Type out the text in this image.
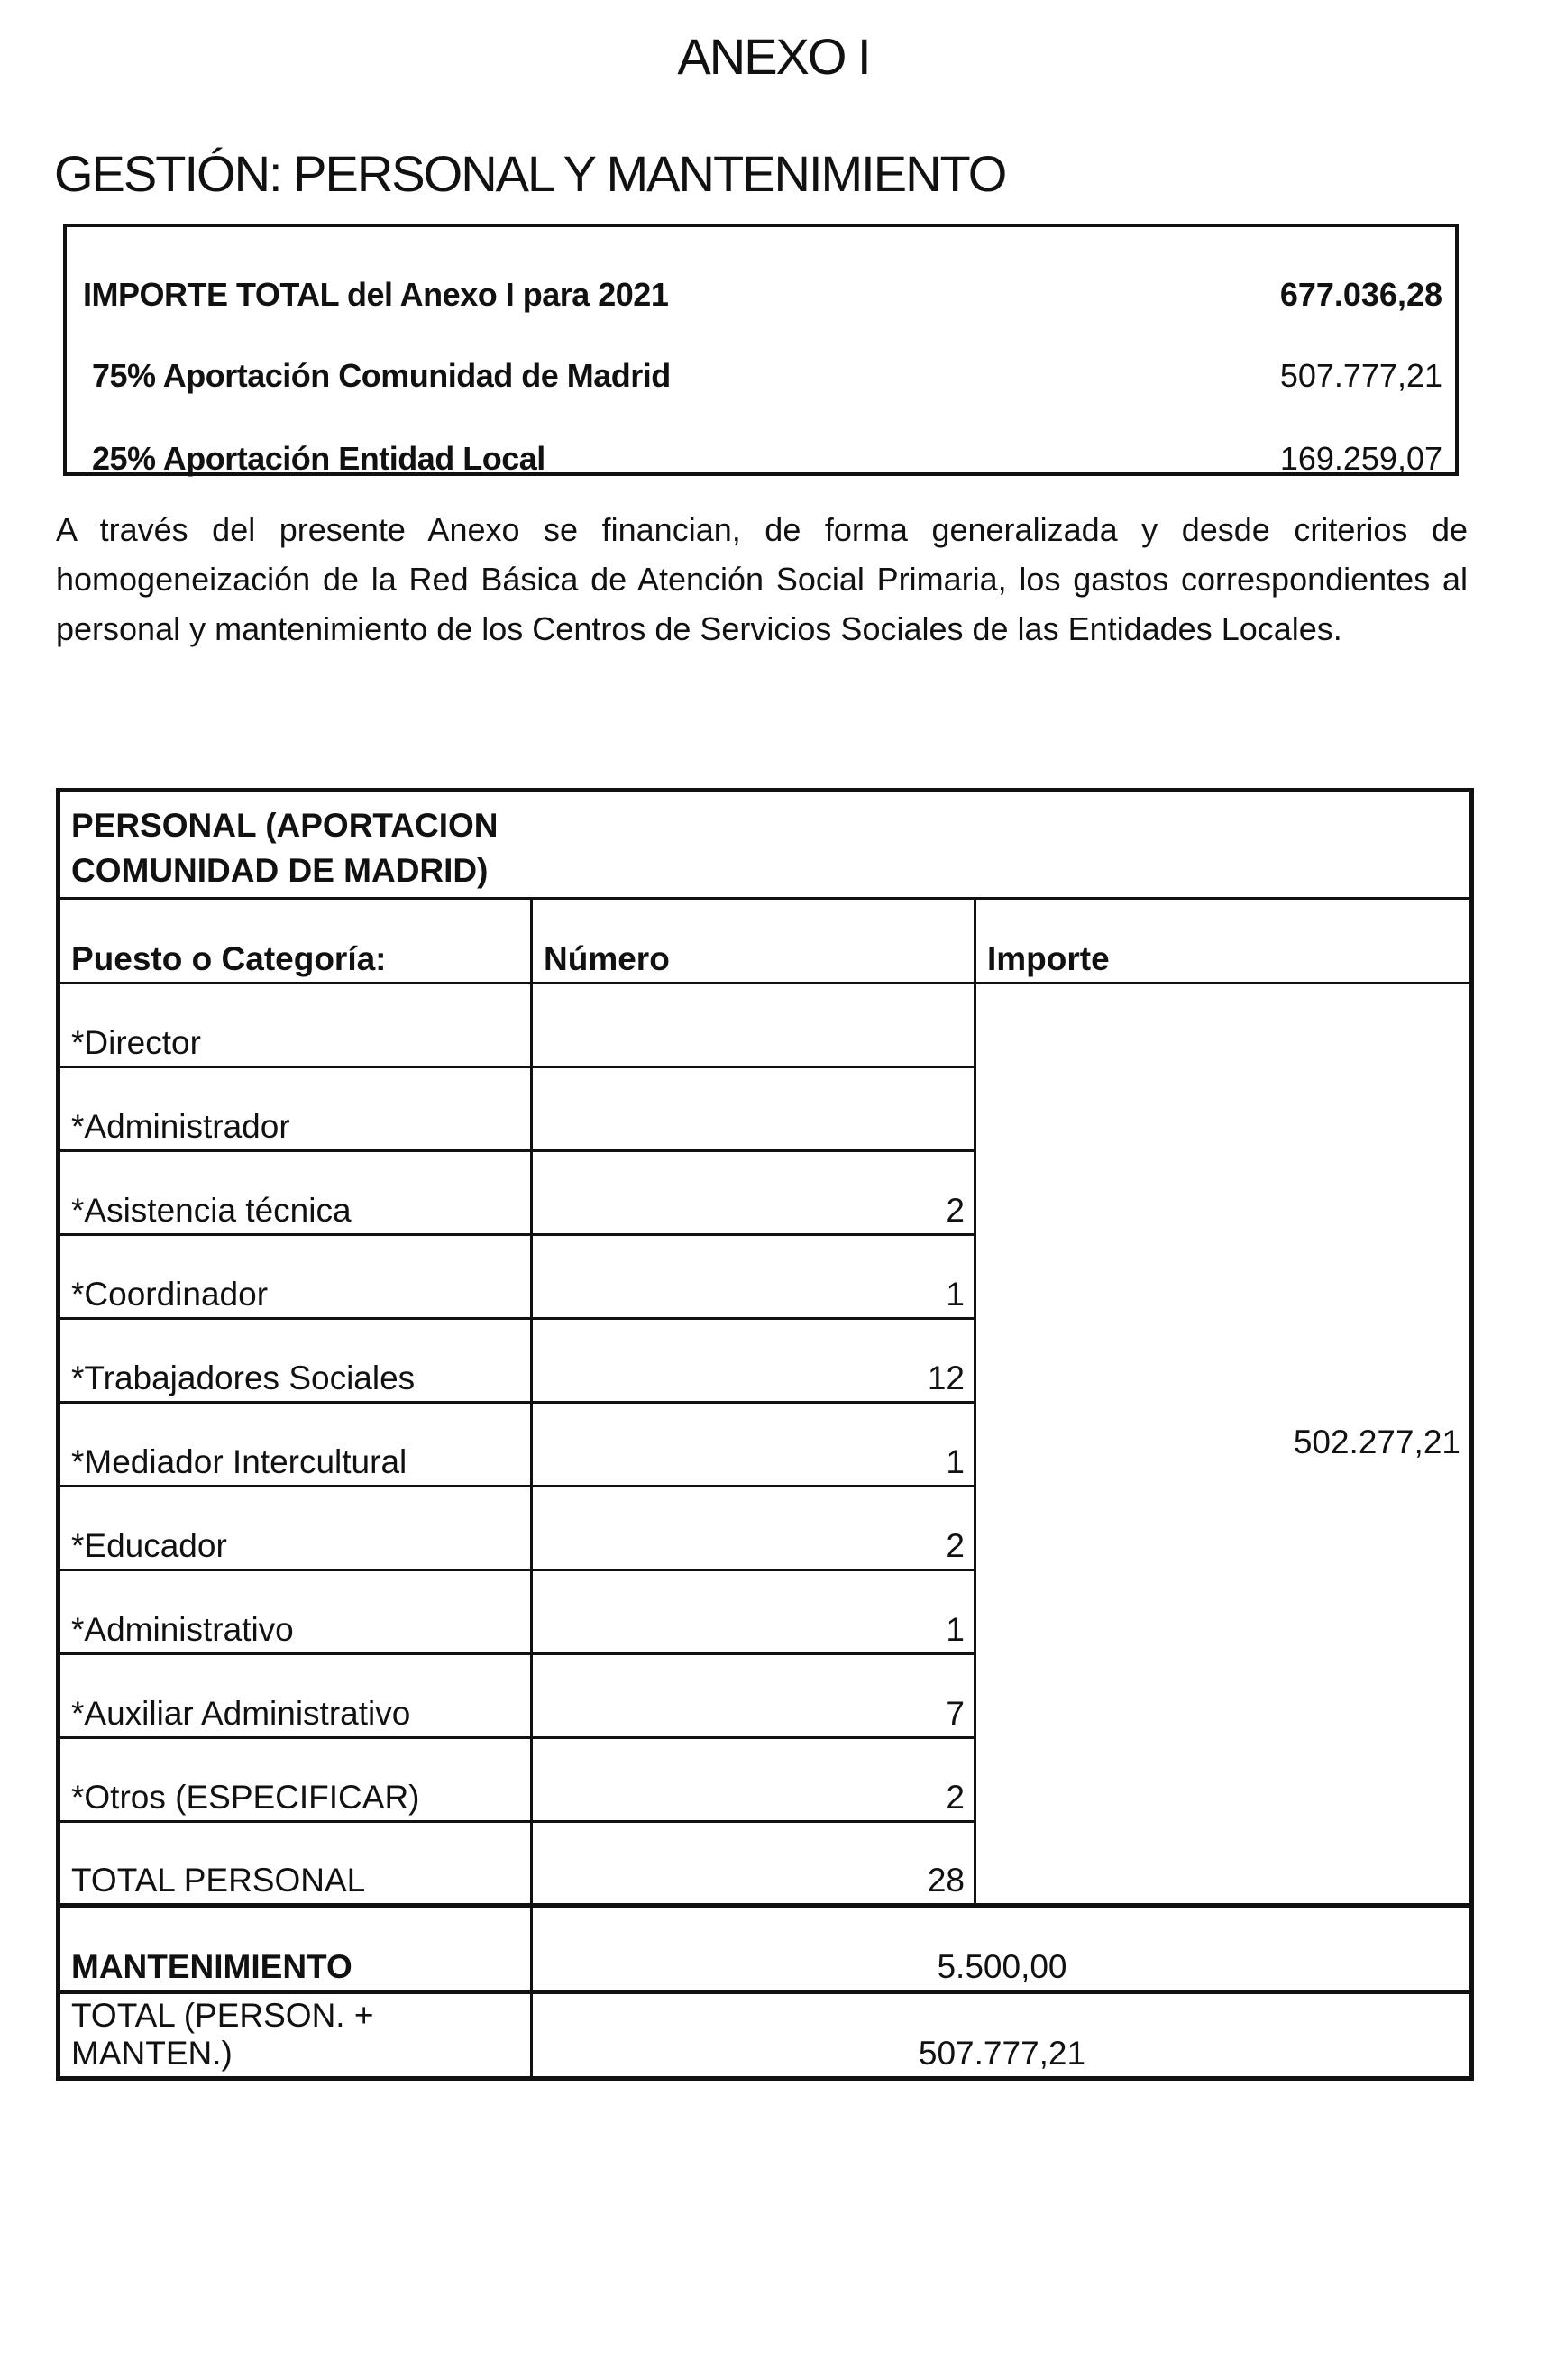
ANEXO I
GESTIÓN: PERSONAL Y MANTENIMIENTO
IMPORTE TOTAL del Anexo I para 2021	677.036,28
75% Aportación Comunidad de Madrid	507.777,21
25% Aportación Entidad Local	169.259,07

A través del presente Anexo se financian, de forma generalizada y desde criterios de homogeneización de la Red Básica de Atención Social Primaria, los gastos correspondientes al personal y mantenimiento de los Centros de Servicios Sociales de las Entidades Locales.

PERSONAL (APORTACION
COMUNIDAD DE MADRID)		
Puesto o Categoría:	Número	Importe
*Director		502.277,21
*Administrador		
*Asistencia técnica	2	
*Coordinador	1	
*Trabajadores Sociales	12	
*Mediador Intercultural	1	
*Educador	2	
*Administrativo	1	
*Auxiliar Administrativo	7	
*Otros (ESPECIFICAR)	2	
TOTAL PERSONAL	28	
MANTENIMIENTO	5.500,00	
TOTAL (PERSON. + MANTEN.)	507.777,21	
